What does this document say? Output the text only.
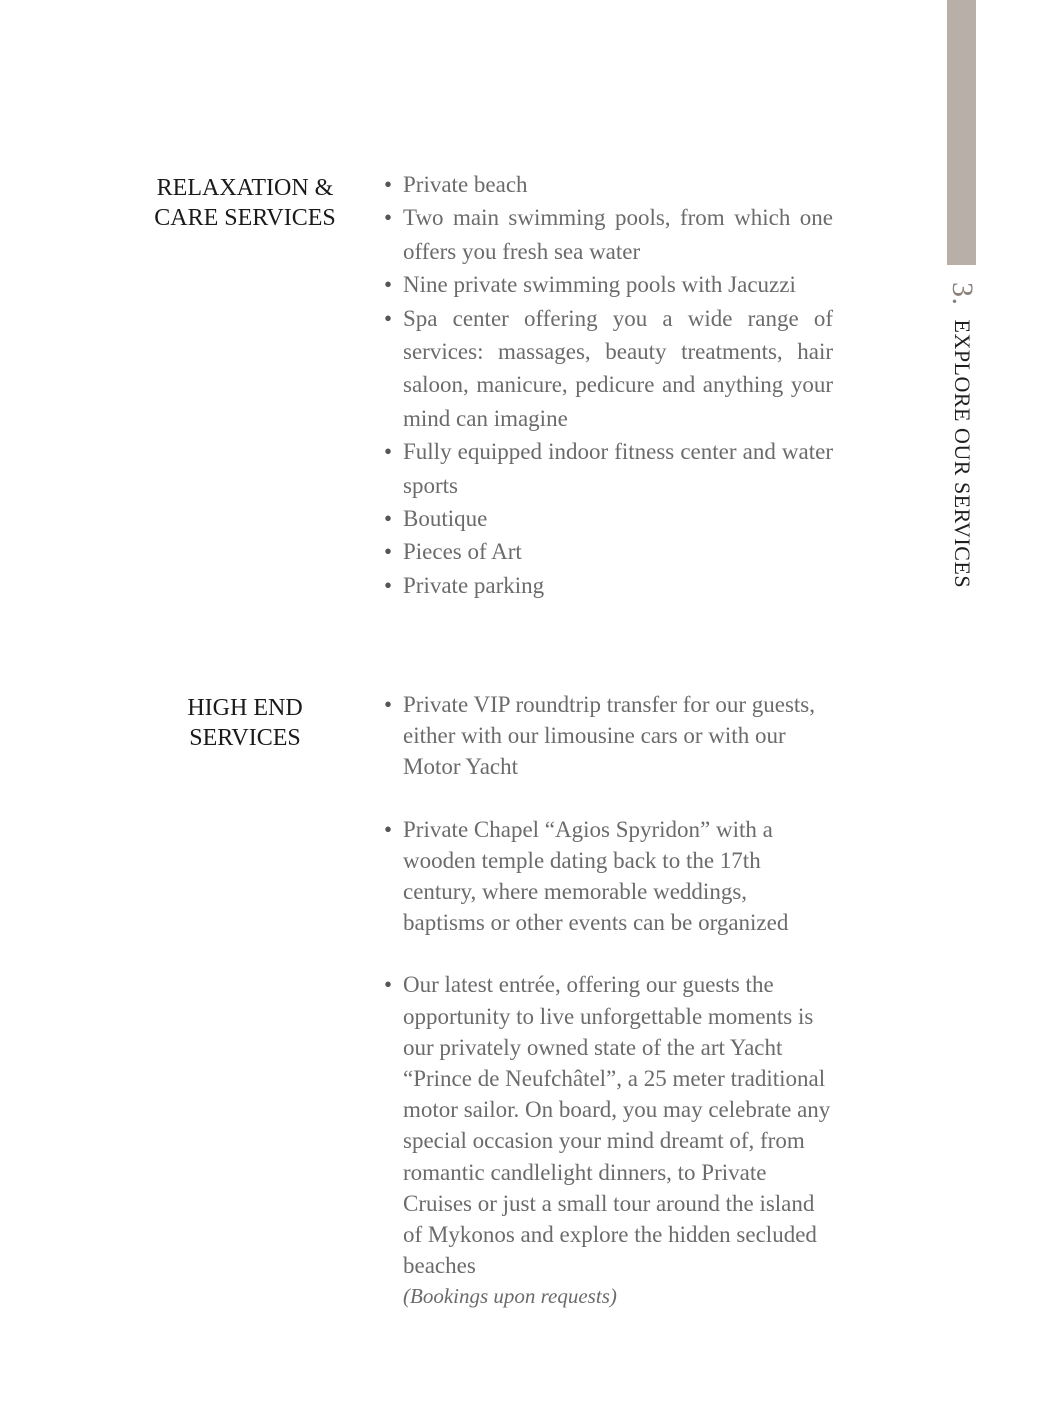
3.EXPLORE OUR SERVICES
RELAXATION & CARE SERVICES
• Private beach
• Two main swimming pools, from which one offers you fresh sea water
• Nine private swimming pools with Jacuzzi
• Spa center offering you a wide range of services: massages, beauty treatments, hair saloon, manicure, pedicure and anything your mind can imagine
• Fully equipped indoor fitness center and water sports
• Boutique
• Pieces of Art
• Private parking
HIGH END SERVICES
• Private VIP roundtrip transfer for our guests, either with our limousine cars or with our Motor Yacht
• Private Chapel “Agios Spyridon” with a wooden temple dating back to the 17th century, where memorable weddings, baptisms or other events can be organized
• Our latest entrée, offering our guests the opportunity to live unforgettable moments is our privately owned state of the art Yacht “Prince de Neufchâtel”, a 25 meter traditional motor sailor. On board, you may celebrate any special occasion your mind dreamt of, from romantic candlelight dinners, to Private Cruises or just a small tour around the island of Mykonos and explore the hidden secluded beaches
(Bookings upon requests)
